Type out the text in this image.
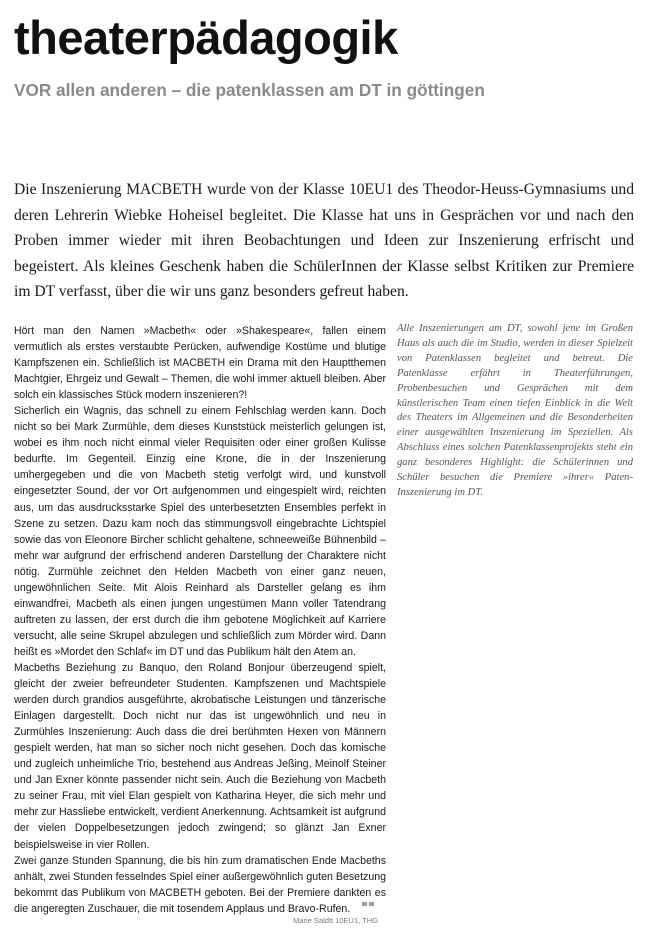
theaterpädagogik
VOR allen anderen – die patenklassen am DT in göttingen

Die Inszenierung MACBETH wurde von der Klasse 10EU1 des Theodor-Heuss-Gymnasiums und deren Lehrerin Wiebke Hoheisel begleitet. Die Klasse hat uns in Gesprächen vor und nach den Proben immer wieder mit ihren Beobachtungen und Ideen zur Inszenierung erfrischt und begeistert. Als kleines Geschenk haben die SchülerInnen der Klasse selbst Kritiken zur Premiere im DT verfasst, über die wir uns ganz besonders gefreut haben.

Hört man den Namen »Macbeth« oder »Shakespeare«, fallen einem vermutlich als erstes verstaubte Perücken, aufwendige Kostüme und blutige Kampfszenen ein. Schließlich ist MACBETH ein Drama mit den Hauptthemen Machtgier, Ehrgeiz und Gewalt – Themen, die wohl immer aktuell bleiben. Aber solch ein klassisches Stück modern inszenieren?!

Sicherlich ein Wagnis, das schnell zu einem Fehlschlag werden kann. Doch nicht so bei Mark Zurmühle, dem dieses Kunststück meisterlich gelungen ist, wobei es ihm noch nicht einmal vieler Requisiten oder einer großen Kulisse bedurfte. Im Gegenteil. Einzig eine Krone, die in der Inszenierung umhergegeben und die von Macbeth stetig verfolgt wird, und kunstvoll eingesetzter Sound, der vor Ort aufgenommen und eingespielt wird, reichten aus, um das ausdrucksstarke Spiel des unterbesetzten Ensembles perfekt in Szene zu setzen. Dazu kam noch das stimmungsvoll eingebrachte Lichtspiel sowie das von Eleonore Bircher schlicht gehaltene, schneeweiße Bühnenbild – mehr war aufgrund der erfrischend anderen Darstellung der Charaktere nicht nötig. Zurmühle zeichnet den Helden Macbeth von einer ganz neuen, ungewöhnlichen Seite. Mit Alois Reinhard als Darsteller gelang es ihm einwandfrei, Macbeth als einen jungen ungestümen Mann voller Tatendrang auftreten zu lassen, der erst durch die ihm gebotene Möglichkeit auf Karriere versucht, alle seine Skrupel abzulegen und schließlich zum Mörder wird. Dann heißt es »Mordet den Schlaf« im DT und das Publikum hält den Atem an.

Macbeths Beziehung zu Banquo, den Roland Bonjour überzeugend spielt, gleicht der zweier befreundeter Studenten. Kampfszenen und Machtspiele werden durch grandios ausgeführte, akrobatische Leistungen und tänzerische Einlagen dargestellt. Doch nicht nur das ist ungewöhnlich und neu in Zurmühles Inszenierung: Auch dass die drei berühmten Hexen von Männern gespielt werden, hat man so sicher noch nicht gesehen. Doch das komische und zugleich unheimliche Trio, bestehend aus Andreas Jeßing, Meinolf Steiner und Jan Exner könnte passender nicht sein. Auch die Beziehung von Macbeth zu seiner Frau, mit viel Elan gespielt von Katharina Heyer, die sich mehr und mehr zur Hassliebe entwickelt, verdient Anerkennung. Achtsamkeit ist aufgrund der vielen Doppelbesetzungen jedoch zwingend; so glänzt Jan Exner beispielsweise in vier Rollen.

Zwei ganze Stunden Spannung, die bis hin zum dramatischen Ende Macbeths anhält, zwei Stunden fesselndes Spiel einer außergewöhnlich guten Besetzung bekommt das Publikum von MACBETH geboten. Bei der Premiere dankten es die angeregten Zuschauer, die mit tosendem Applaus und Bravo-Rufen.

Marie Saldtt 10EU1, THG

Alle Inszenierungen am DT, sowohl jene im Großen Haus als auch die im Studio, werden in dieser Spielzeit von Patenklassen begleitet und betreut. Die Patenklasse erfährt in Theaterführungen, Probenbesuchen und Gesprächen mit dem künstlerischen Team einen tiefen Einblick in die Welt des Theaters im Allgemeinen und die Besonderheiten einer ausgewählten Inszenierung im Speziellen. Als Abschluss eines solchen Patenklassenprojekts steht ein ganz besonderes Highlight: die Schülerinnen und Schüler besuchen die Premiere »ihrer« Paten- Inszenierung im DT.
